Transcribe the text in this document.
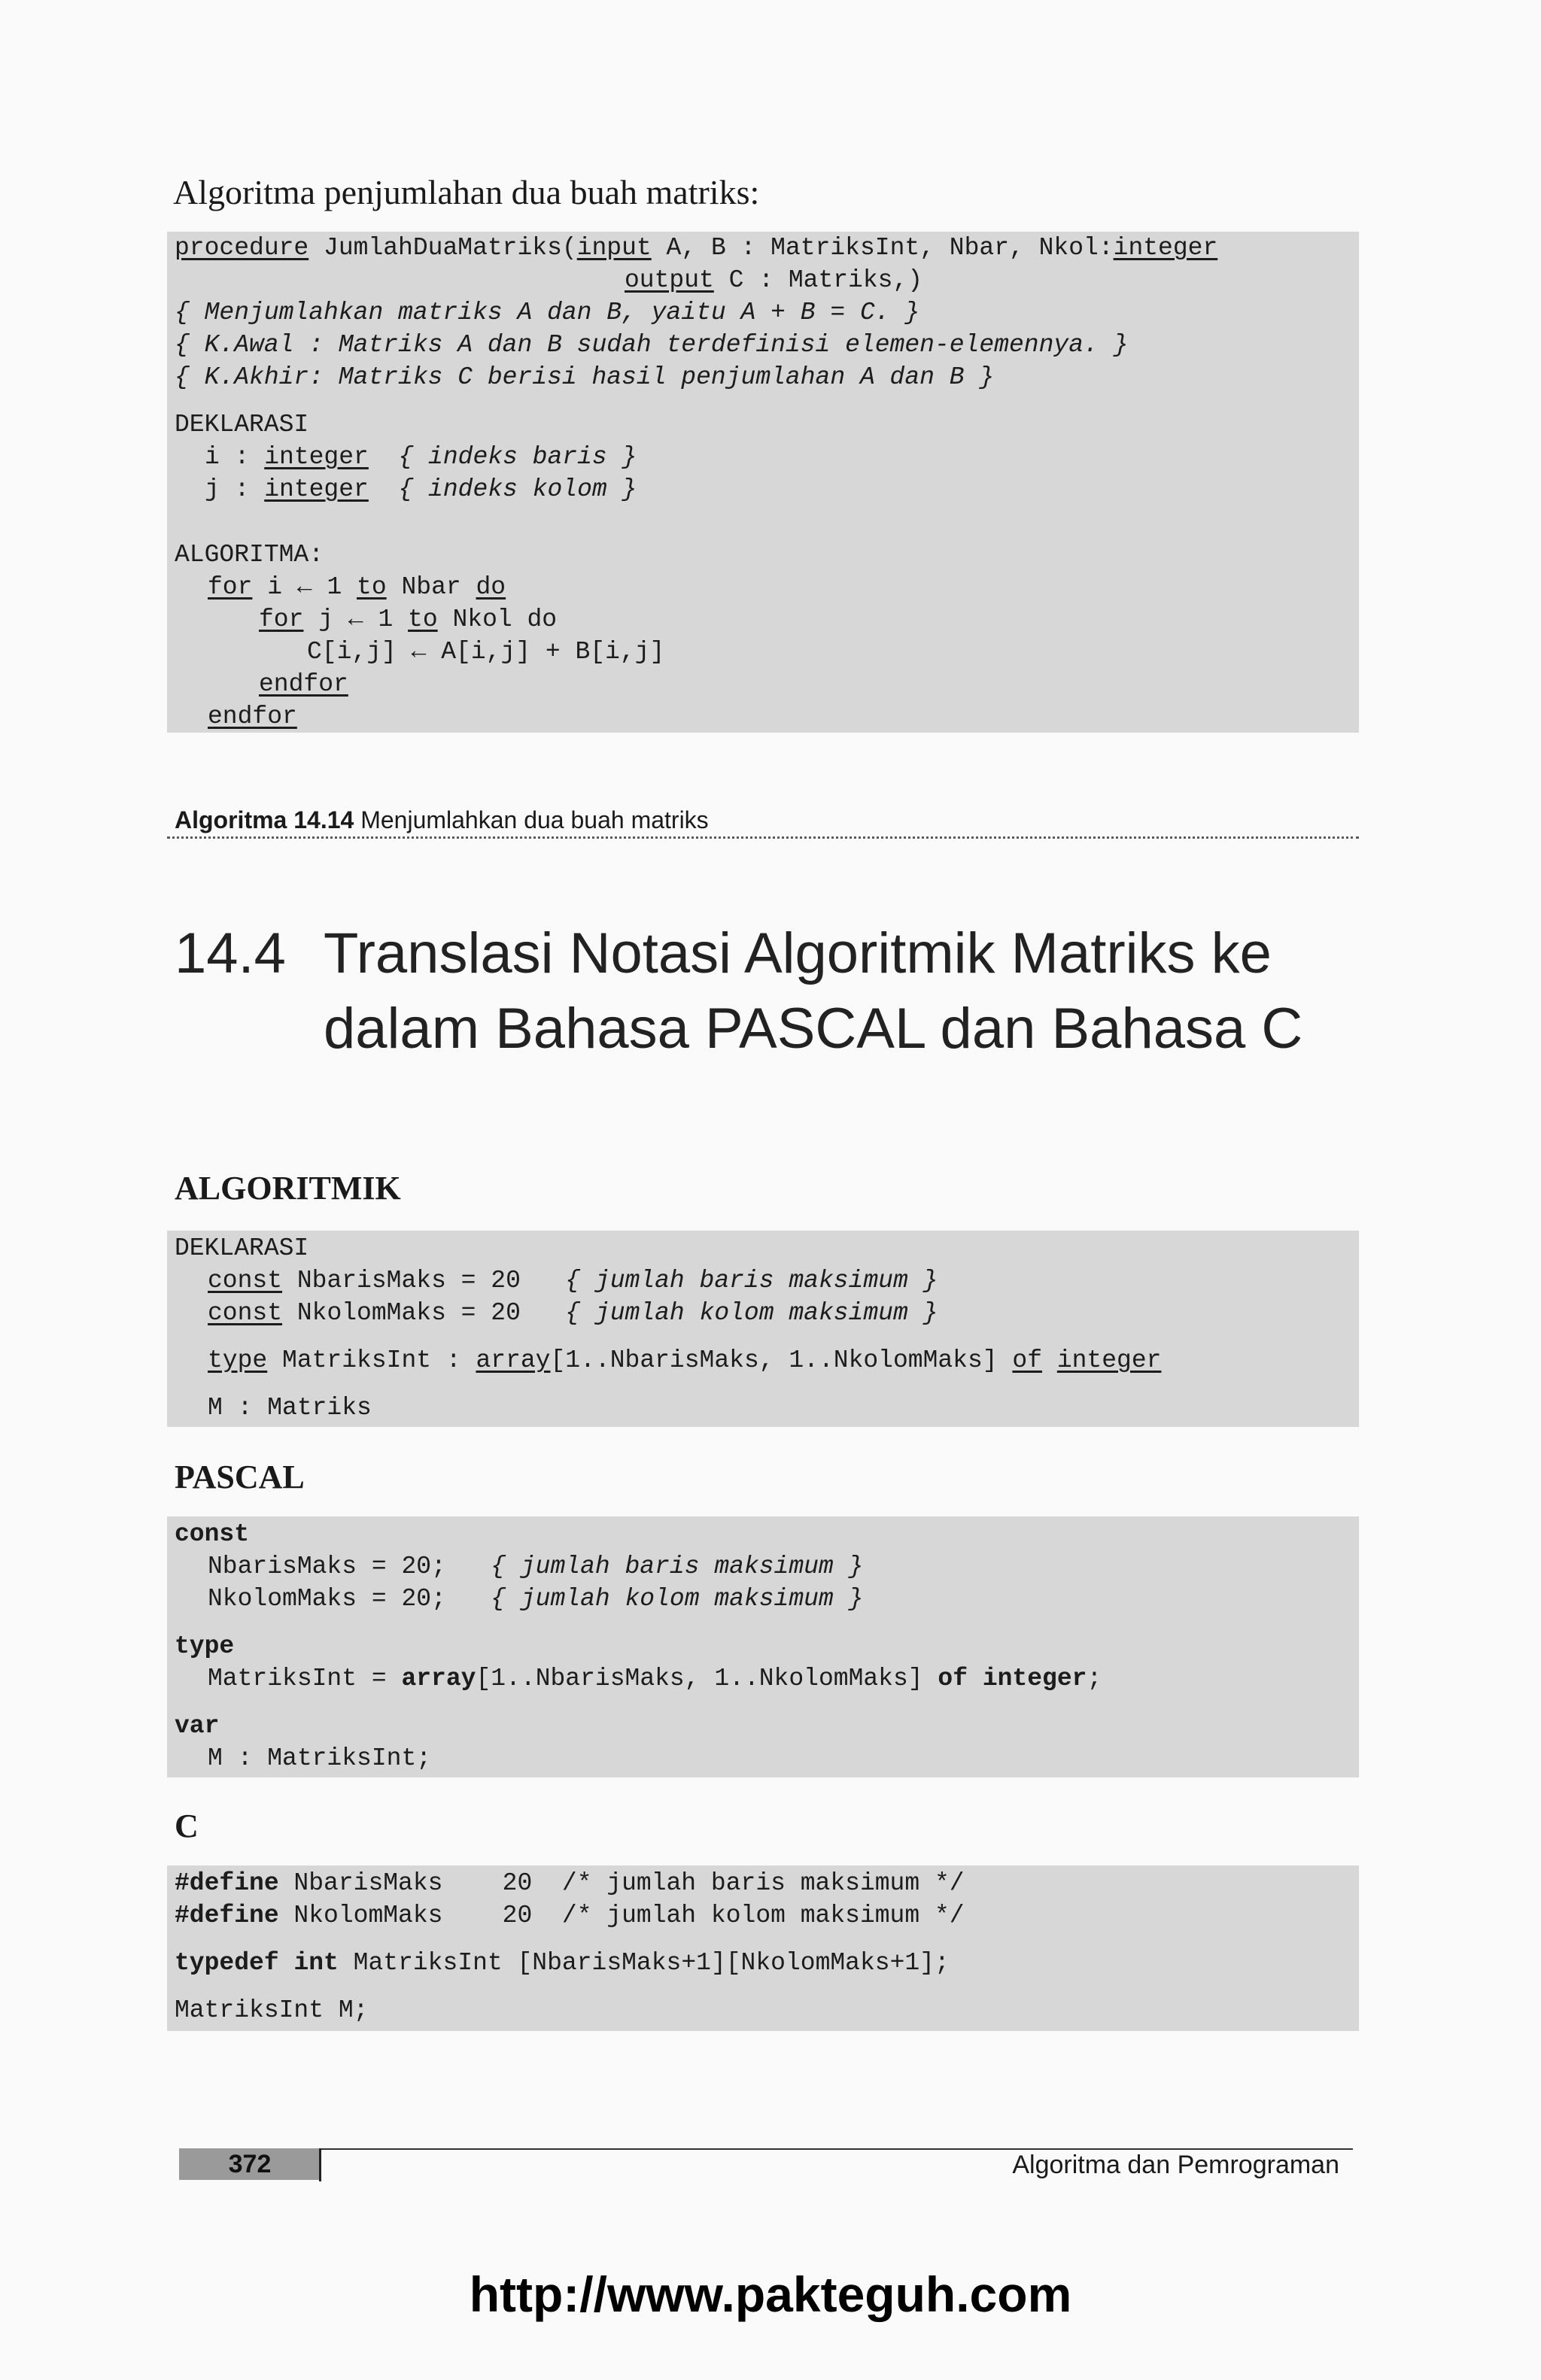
Algoritma penjumlahan dua buah matriks:
procedure JumlahDuaMatriks(input A, B : MatriksInt, Nbar, Nkol:integer
output C : Matriks,)
{ Menjumlahkan matriks A dan B, yaitu A + B = C. }
{ K.Awal : Matriks A dan B sudah terdefinisi elemen-elemennya. }
{ K.Akhir: Matriks C berisi hasil penjumlahan A dan B }
DEKLARASI
i : integer { indeks baris }
j : integer { indeks kolom }
ALGORITMA:
for i ← 1 to Nbar do
for j ← 1 to Nkol do
C[i,j] ← A[i,j] + B[i,j]
endfor
endfor
Algoritma 14.14 Menjumlahkan dua buah matriks
14.4 Translasi Notasi Algoritmik Matriks ke dalam Bahasa PASCAL dan Bahasa C
ALGORITMIK
DEKLARASI
const NbarisMaks = 20   { jumlah baris maksimum }
const NkolomMaks = 20   { jumlah kolom maksimum }
type MatriksInt : array[1..NbarisMaks, 1..NkolomMaks] of integer
M : Matriks
PASCAL
const
NbarisMaks = 20;   { jumlah baris maksimum }
NkolomMaks = 20;   { jumlah kolom maksimum }
type
MatriksInt = array[1..NbarisMaks, 1..NkolomMaks] of integer;
var
M : MatriksInt;
C
#define NbarisMaks    20  /* jumlah baris maksimum */
#define NkolomMaks    20  /* jumlah kolom maksimum */
typedef int MatriksInt [NbarisMaks+1][NkolomMaks+1];
MatriksInt M;
372	Algoritma dan Pemrograman
http://www.pakteguh.com
